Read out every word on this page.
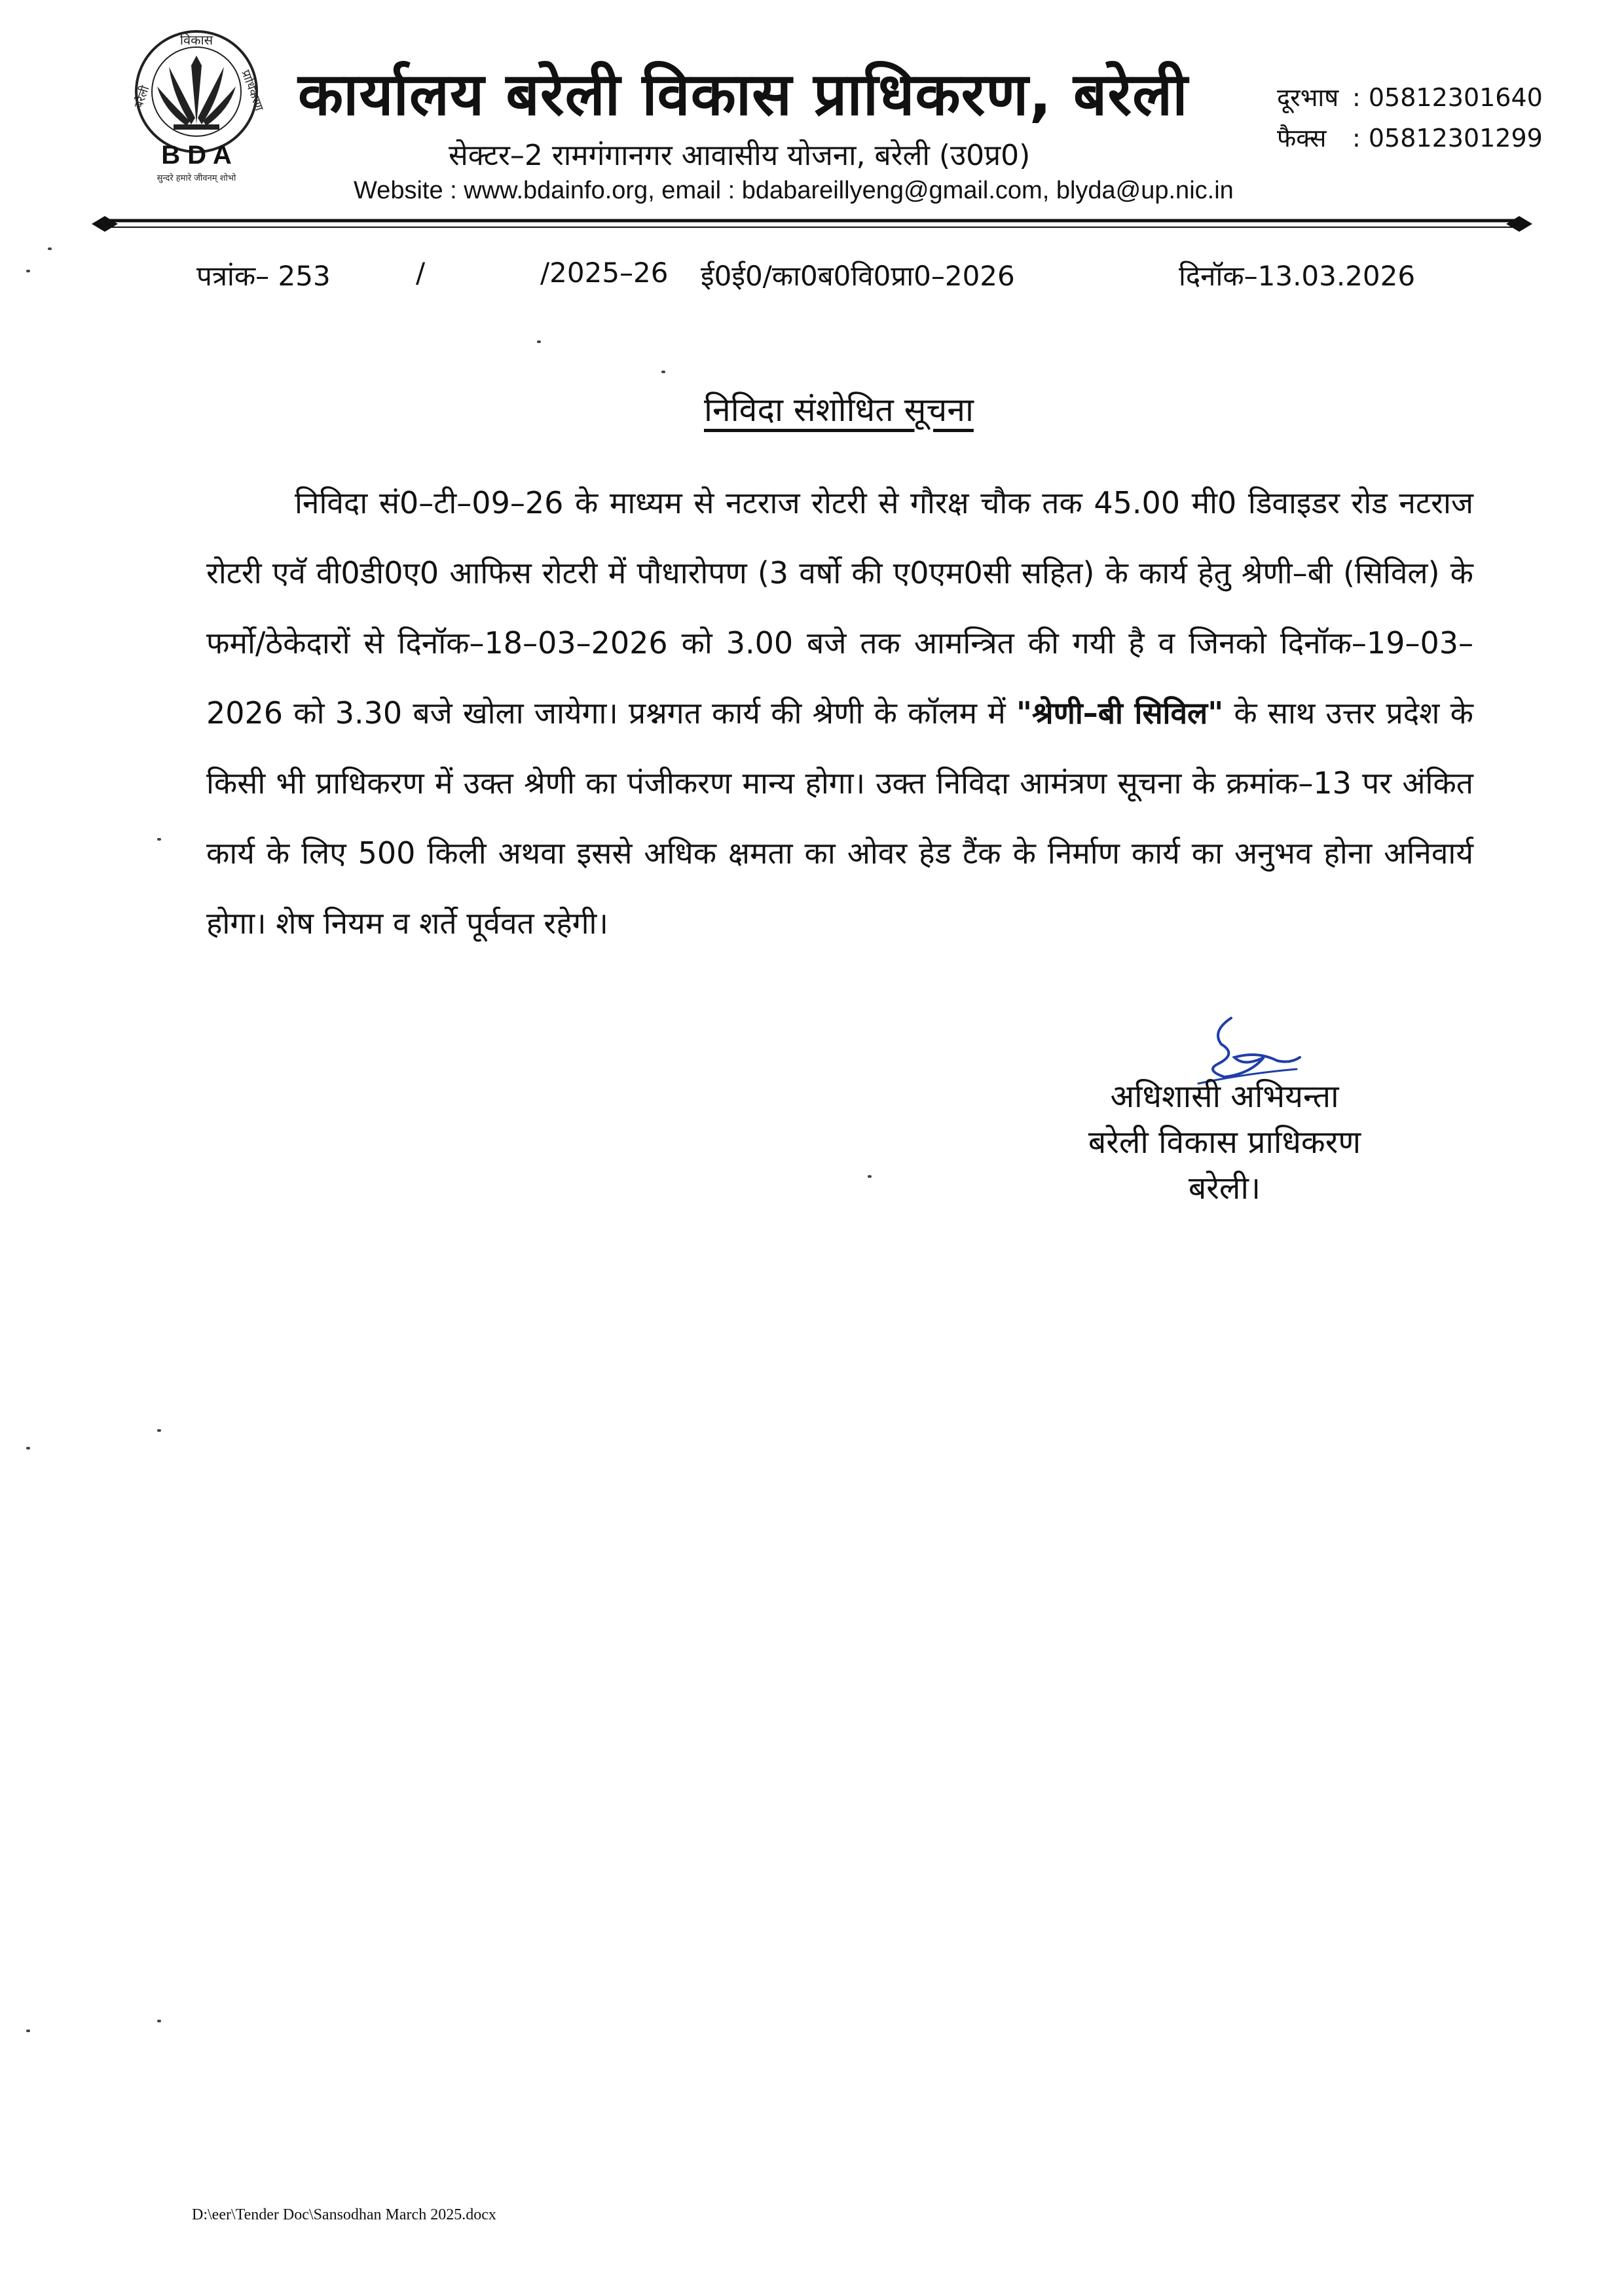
विकास
बरेली	प्राधिकरण
B D A
सुन्दरे हमारे जीवनम् शोभो
कार्यालय बरेली विकास प्राधिकरण, बरेली
सेक्टर–2 रामगंगानगर आवासीय योजना, बरेली (उ0प्र0)
Website : www.bdainfo.org, email : bdabareillyeng@gmail.com, blyda@up.nic.in
दूरभाष : 05812301640
फैक्स	: 05812301299
पत्रांक– 253	/	/2025–26 ई0ई0/का0ब0वि0प्रा0–2026	दिनॉक–13.03.2026
निविदा संशोधित सूचना

निविदा सं0–टी–09–26 के माध्यम से नटराज रोटरी से गौरक्ष चौक तक 45.00 मी0 डिवाइडर रोड नटराज रोटरी एवॅ वी0डी0ए0 आफिस रोटरी में पौधारोपण (3 वर्षो की ए0एम0सी सहित) के कार्य हेतु श्रेणी–बी (सिविल) के फर्मो/ठेकेदारों से दिनॉक–18–03–2026 को 3.00 बजे तक आमन्त्रित की गयी है व जिनको दिनॉक–19–03–2026 को 3.30 बजे खोला जायेगा। प्रश्नगत कार्य की श्रेणी के कॉलम में "श्रेणी–बी सिविल" के साथ उत्तर प्रदेश के किसी भी प्राधिकरण में उक्त श्रेणी का पंजीकरण मान्य होगा। उक्त निविदा आमंत्रण सूचना के क्रमांक–13 पर अंकित कार्य के लिए 500 किली अथवा इससे अधिक क्षमता का ओवर हेड टैंक के निर्माण कार्य का अनुभव होना अनिवार्य होगा। शेष नियम व शर्ते पूर्ववत रहेगी।

अधिशासी अभियन्ता
बरेली विकास प्राधिकरण
बरेली।
D:\eer\Tender Doc\Sansodhan March 2025.docx
